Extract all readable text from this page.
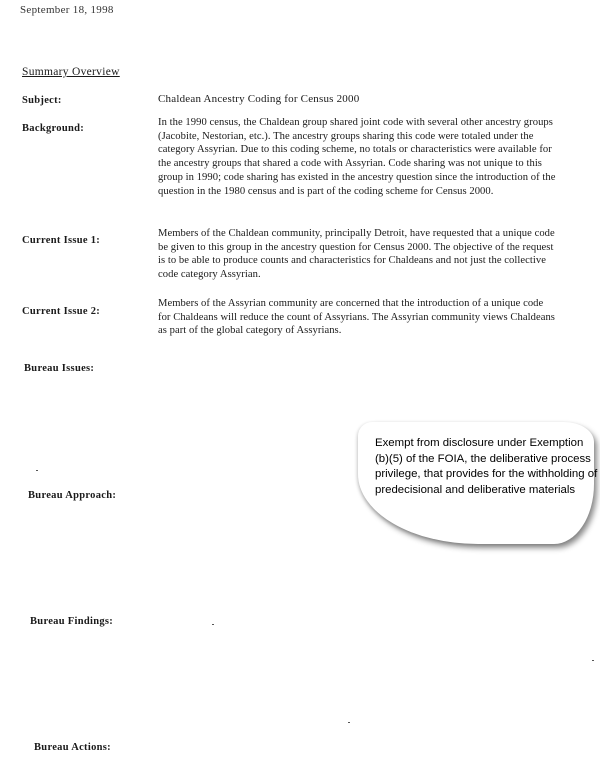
September 18, 1998
Summary Overview
Subject:	Chaldean Ancestry Coding for Census 2000
Background:
In the 1990 census, the Chaldean group shared joint code with several other ancestry groups (Jacobite, Nestorian, etc.). The ancestry groups sharing this code were totaled under the category Assyrian. Due to this coding scheme, no totals or characteristics were available for the ancestry groups that shared a code with Assyrian. Code sharing was not unique to this group in 1990; code sharing has existed in the ancestry question since the introduction of the question in the 1980 census and is part of the coding scheme for Census 2000.
Current Issue 1:
Members of the Chaldean community, principally Detroit, have requested that a unique code be given to this group in the ancestry question for Census 2000. The objective of the request is to be able to produce counts and characteristics for Chaldeans and not just the collective code category Assyrian.
Current Issue 2:
Members of the Assyrian community are concerned that the introduction of a unique code for Chaldeans will reduce the count of Assyrians. The Assyrian community views Chaldeans as part of the global category of Assyrians.
Bureau Issues:
Bureau Approach:
Bureau Findings:
Bureau Actions:
Exempt from disclosure under Exemption (b)(5) of the FOIA, the deliberative process privilege, that provides for the withholding of predecisional and deliberative materials
